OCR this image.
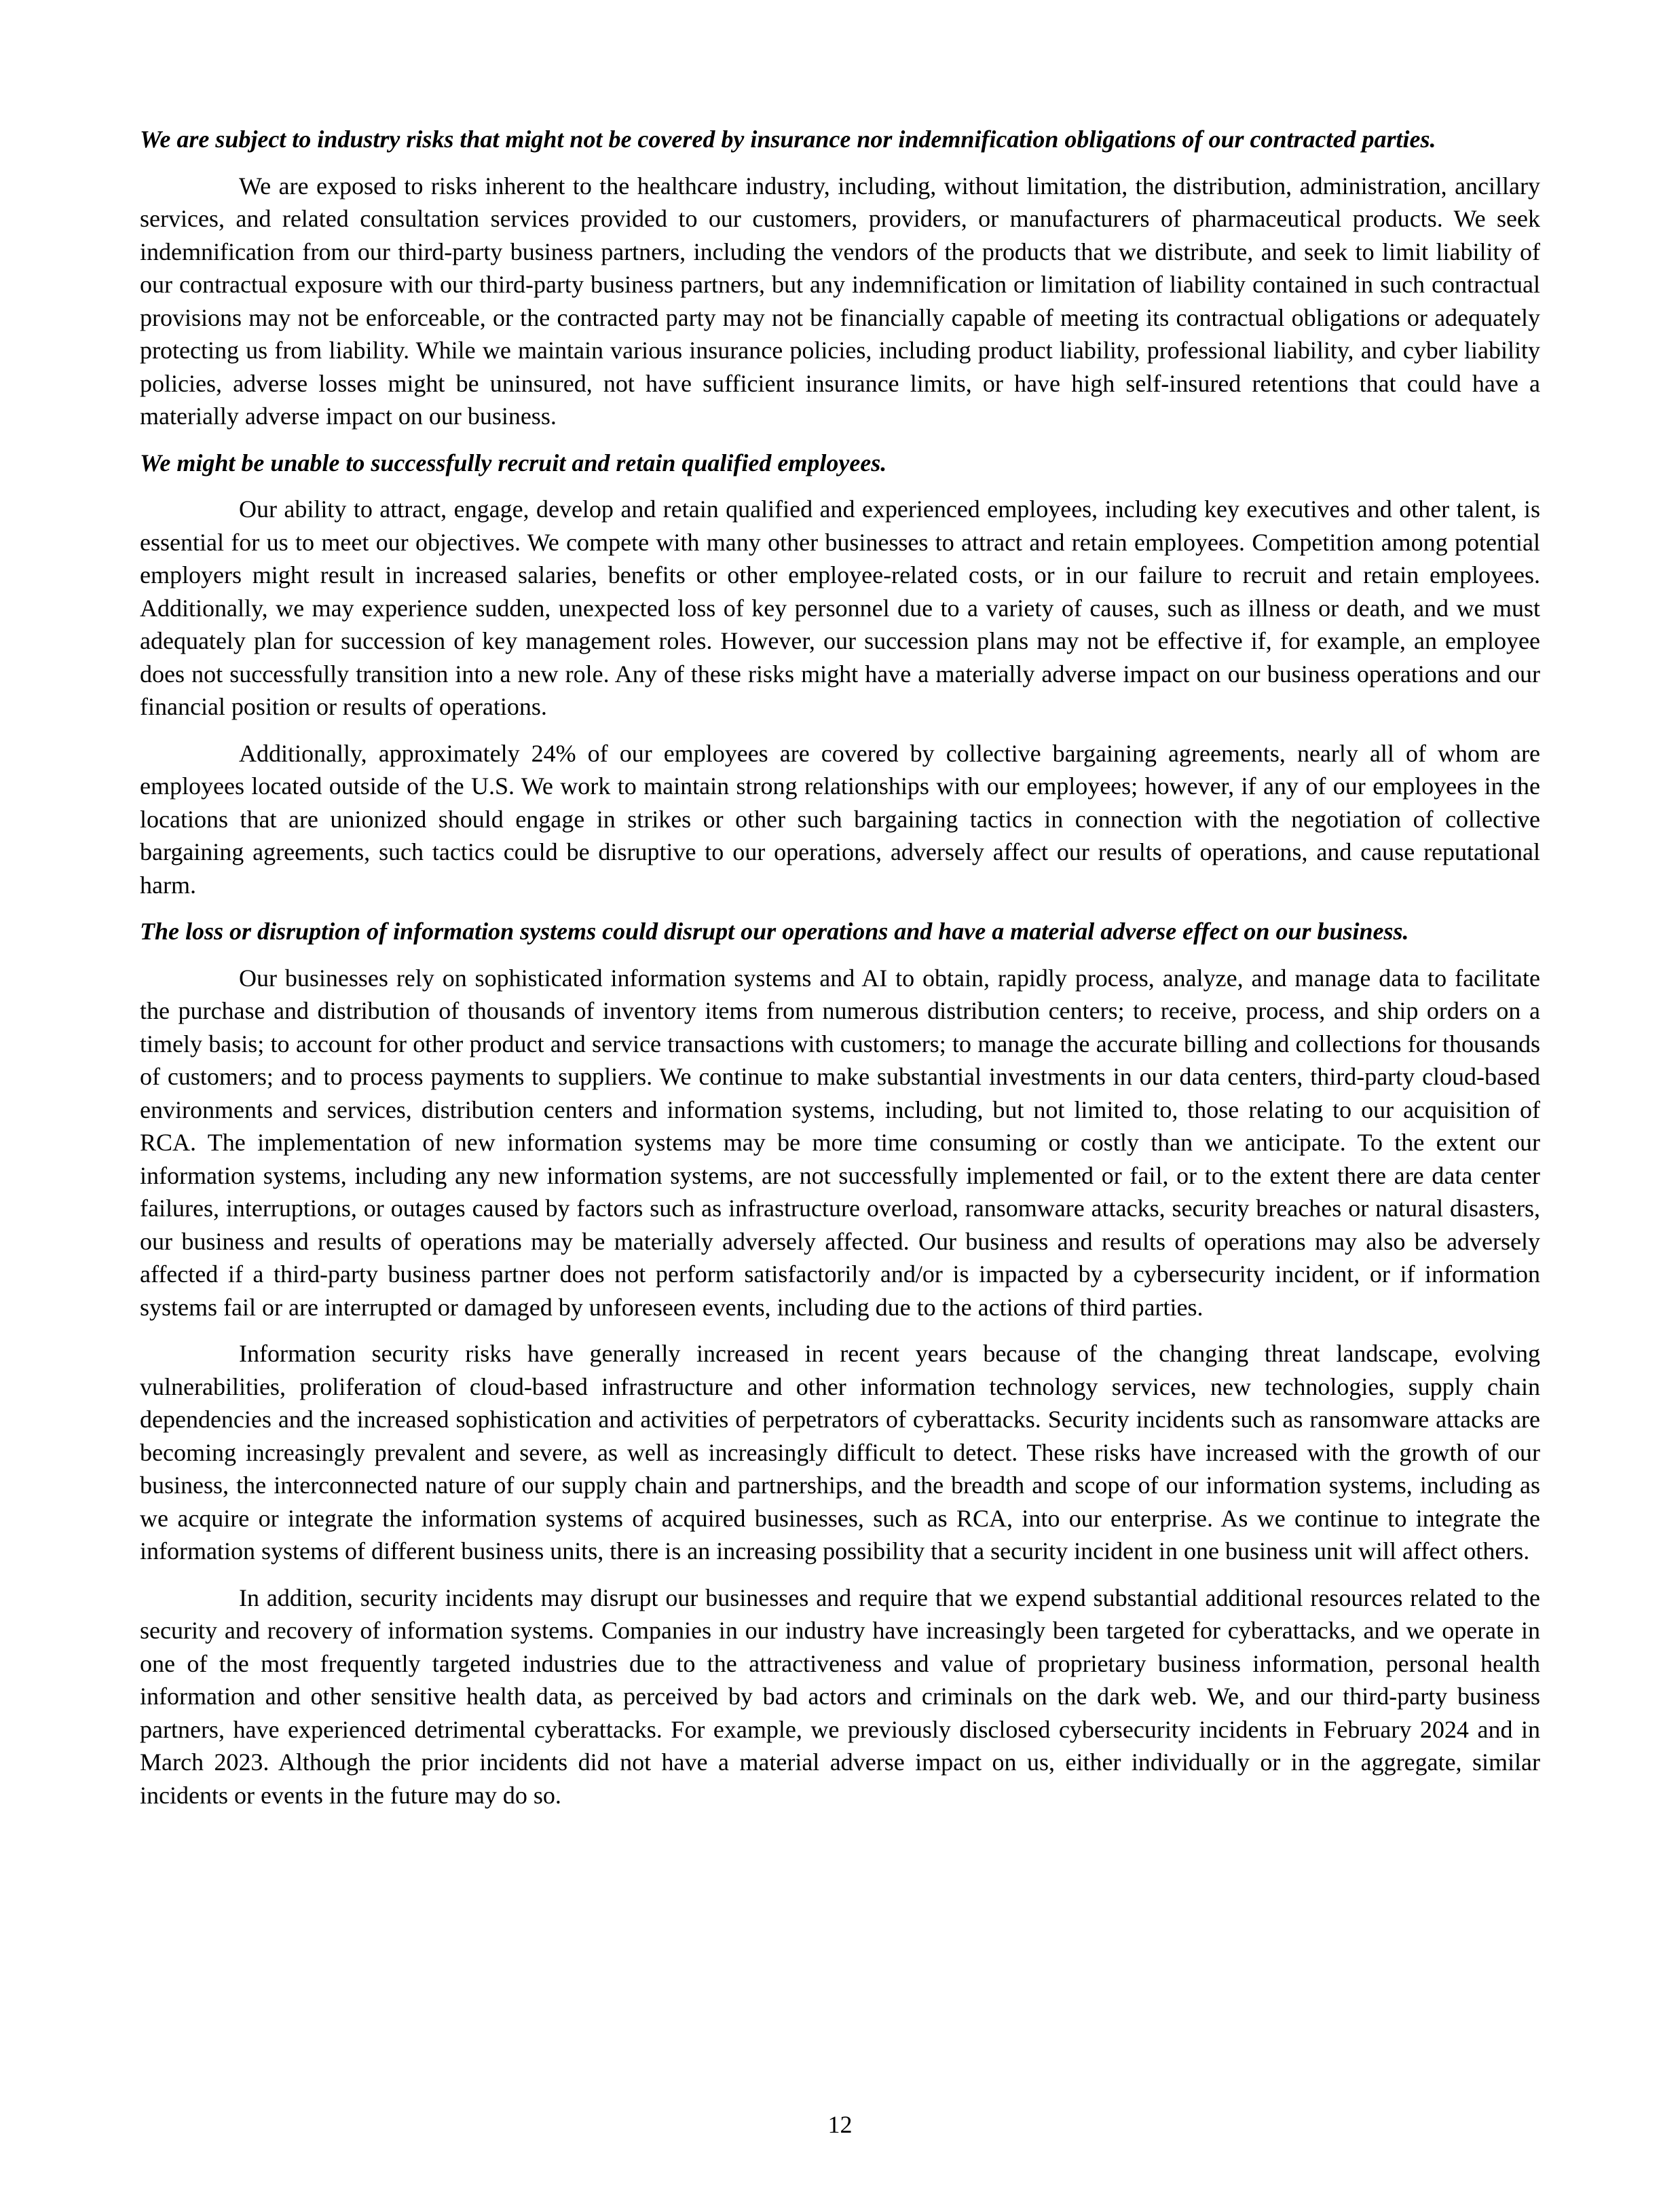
We are subject to industry risks that might not be covered by insurance nor indemnification obligations of our contracted parties.
We are exposed to risks inherent to the healthcare industry, including, without limitation, the distribution, administration, ancillary services, and related consultation services provided to our customers, providers, or manufacturers of pharmaceutical products. We seek indemnification from our third-party business partners, including the vendors of the products that we distribute, and seek to limit liability of our contractual exposure with our third-party business partners, but any indemnification or limitation of liability contained in such contractual provisions may not be enforceable, or the contracted party may not be financially capable of meeting its contractual obligations or adequately protecting us from liability. While we maintain various insurance policies, including product liability, professional liability, and cyber liability policies, adverse losses might be uninsured, not have sufficient insurance limits, or have high self-insured retentions that could have a materially adverse impact on our business.
We might be unable to successfully recruit and retain qualified employees.
Our ability to attract, engage, develop and retain qualified and experienced employees, including key executives and other talent, is essential for us to meet our objectives. We compete with many other businesses to attract and retain employees. Competition among potential employers might result in increased salaries, benefits or other employee-related costs, or in our failure to recruit and retain employees. Additionally, we may experience sudden, unexpected loss of key personnel due to a variety of causes, such as illness or death, and we must adequately plan for succession of key management roles. However, our succession plans may not be effective if, for example, an employee does not successfully transition into a new role. Any of these risks might have a materially adverse impact on our business operations and our financial position or results of operations.
Additionally, approximately 24% of our employees are covered by collective bargaining agreements, nearly all of whom are employees located outside of the U.S. We work to maintain strong relationships with our employees; however, if any of our employees in the locations that are unionized should engage in strikes or other such bargaining tactics in connection with the negotiation of collective bargaining agreements, such tactics could be disruptive to our operations, adversely affect our results of operations, and cause reputational harm.
The loss or disruption of information systems could disrupt our operations and have a material adverse effect on our business.
Our businesses rely on sophisticated information systems and AI to obtain, rapidly process, analyze, and manage data to facilitate the purchase and distribution of thousands of inventory items from numerous distribution centers; to receive, process, and ship orders on a timely basis; to account for other product and service transactions with customers; to manage the accurate billing and collections for thousands of customers; and to process payments to suppliers. We continue to make substantial investments in our data centers, third-party cloud-based environments and services, distribution centers and information systems, including, but not limited to, those relating to our acquisition of RCA. The implementation of new information systems may be more time consuming or costly than we anticipate. To the extent our information systems, including any new information systems, are not successfully implemented or fail, or to the extent there are data center failures, interruptions, or outages caused by factors such as infrastructure overload, ransomware attacks, security breaches or natural disasters, our business and results of operations may be materially adversely affected. Our business and results of operations may also be adversely affected if a third-party business partner does not perform satisfactorily and/or is impacted by a cybersecurity incident, or if information systems fail or are interrupted or damaged by unforeseen events, including due to the actions of third parties.
Information security risks have generally increased in recent years because of the changing threat landscape, evolving vulnerabilities, proliferation of cloud-based infrastructure and other information technology services, new technologies, supply chain dependencies and the increased sophistication and activities of perpetrators of cyberattacks. Security incidents such as ransomware attacks are becoming increasingly prevalent and severe, as well as increasingly difficult to detect. These risks have increased with the growth of our business, the interconnected nature of our supply chain and partnerships, and the breadth and scope of our information systems, including as we acquire or integrate the information systems of acquired businesses, such as RCA, into our enterprise. As we continue to integrate the information systems of different business units, there is an increasing possibility that a security incident in one business unit will affect others.
In addition, security incidents may disrupt our businesses and require that we expend substantial additional resources related to the security and recovery of information systems. Companies in our industry have increasingly been targeted for cyberattacks, and we operate in one of the most frequently targeted industries due to the attractiveness and value of proprietary business information, personal health information and other sensitive health data, as perceived by bad actors and criminals on the dark web. We, and our third-party business partners, have experienced detrimental cyberattacks. For example, we previously disclosed cybersecurity incidents in February 2024 and in March 2023. Although the prior incidents did not have a material adverse impact on us, either individually or in the aggregate, similar incidents or events in the future may do so.
12
